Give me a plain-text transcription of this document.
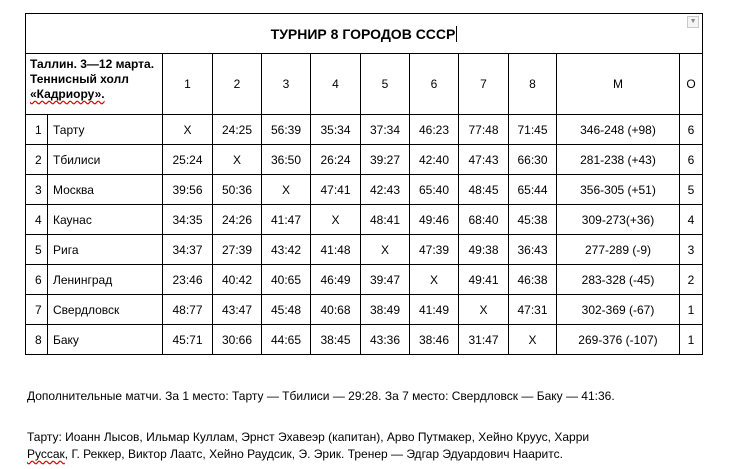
ТУРНИР 8 ГОРОДОВ СССР
▼											

Таллин. 3—12 марта.
Теннисный холл
«Кадриору».		1	2	3	4	5	6	7	8	М	О
1	Тарту	X	24:25	56:39	35:34	37:34	46:23	77:48	71:45	346-248 (+98)	6
2	Тбилиси	25:24	X	36:50	26:24	39:27	42:40	47:43	66:30	281-238 (+43)	6
3	Москва	39:56	50:36	X	47:41	42:43	65:40	48:45	65:44	356-305 (+51)	5
4	Каунас	34:35	24:26	41:47	X	48:41	49:46	68:40	45:38	309-273(+36)	4
5	Рига	34:37	27:39	43:42	41:48	X	47:39	49:38	36:43	277-289 (-9)	3
6	Ленинград	23:46	40:42	40:65	46:49	39:47	X	49:41	46:38	283-328 (-45)	2
7	Свердловск	48:77	43:47	45:48	40:68	38:49	41:49	X	47:31	302-369 (-67)	1
8	Баку	45:71	30:66	44:65	38:45	43:36	38:46	31:47	X	269-376 (-107)	1
Дополнительные матчи. За 1 место: Тарту — Тбилиси — 29:28. За 7 место: Свердловск — Баку — 41:36.
Тарту: Иоанн Лысов, Ильмар Куллам, Эрнст Эхавеэр (капитан), Арво Путмакер, Хейно Круус, Харри
Руссак, Г. Реккер, Виктор Лаатс, Хейно Раудсик, Э. Эрик. Тренер — Эдгар Эдуардович Нааритс.
